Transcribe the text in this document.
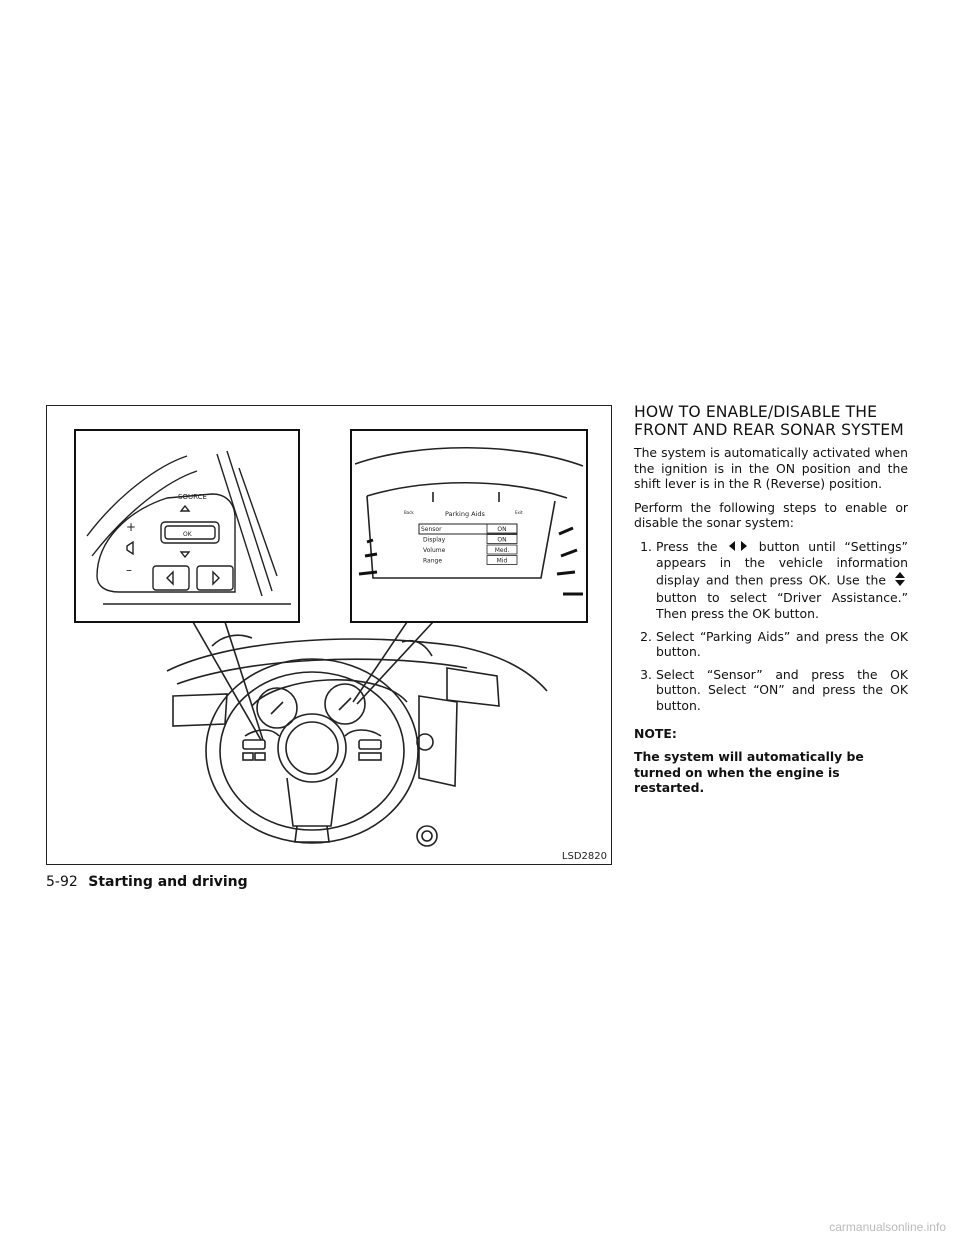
SOURCE
OK
+
–
Back	Parking Aids	Exit
Sensor	ON
Display	ON
Volume	Med.
Range	Mid
LSD2820
HOW TO ENABLE/DISABLE THE FRONT AND REAR SONAR SYSTEM

The system is automatically activated when the ignition is in the ON position and the shift lever is in the R (Reverse) position.

Perform the following steps to enable or disable the sonar system:

1. Press the	button until “Settings” appears in the vehicle information display and then press OK. Use the  button to select “Driver Assistance.” Then press the OK button.
2. Select “Parking Aids” and press the OK button.
3. Select “Sensor” and press the OK button. Select “ON” and press the OK button.

NOTE:

The system will automatically be turned on when the engine is restarted.

5-92 Starting and driving
carmanualsonline.info
